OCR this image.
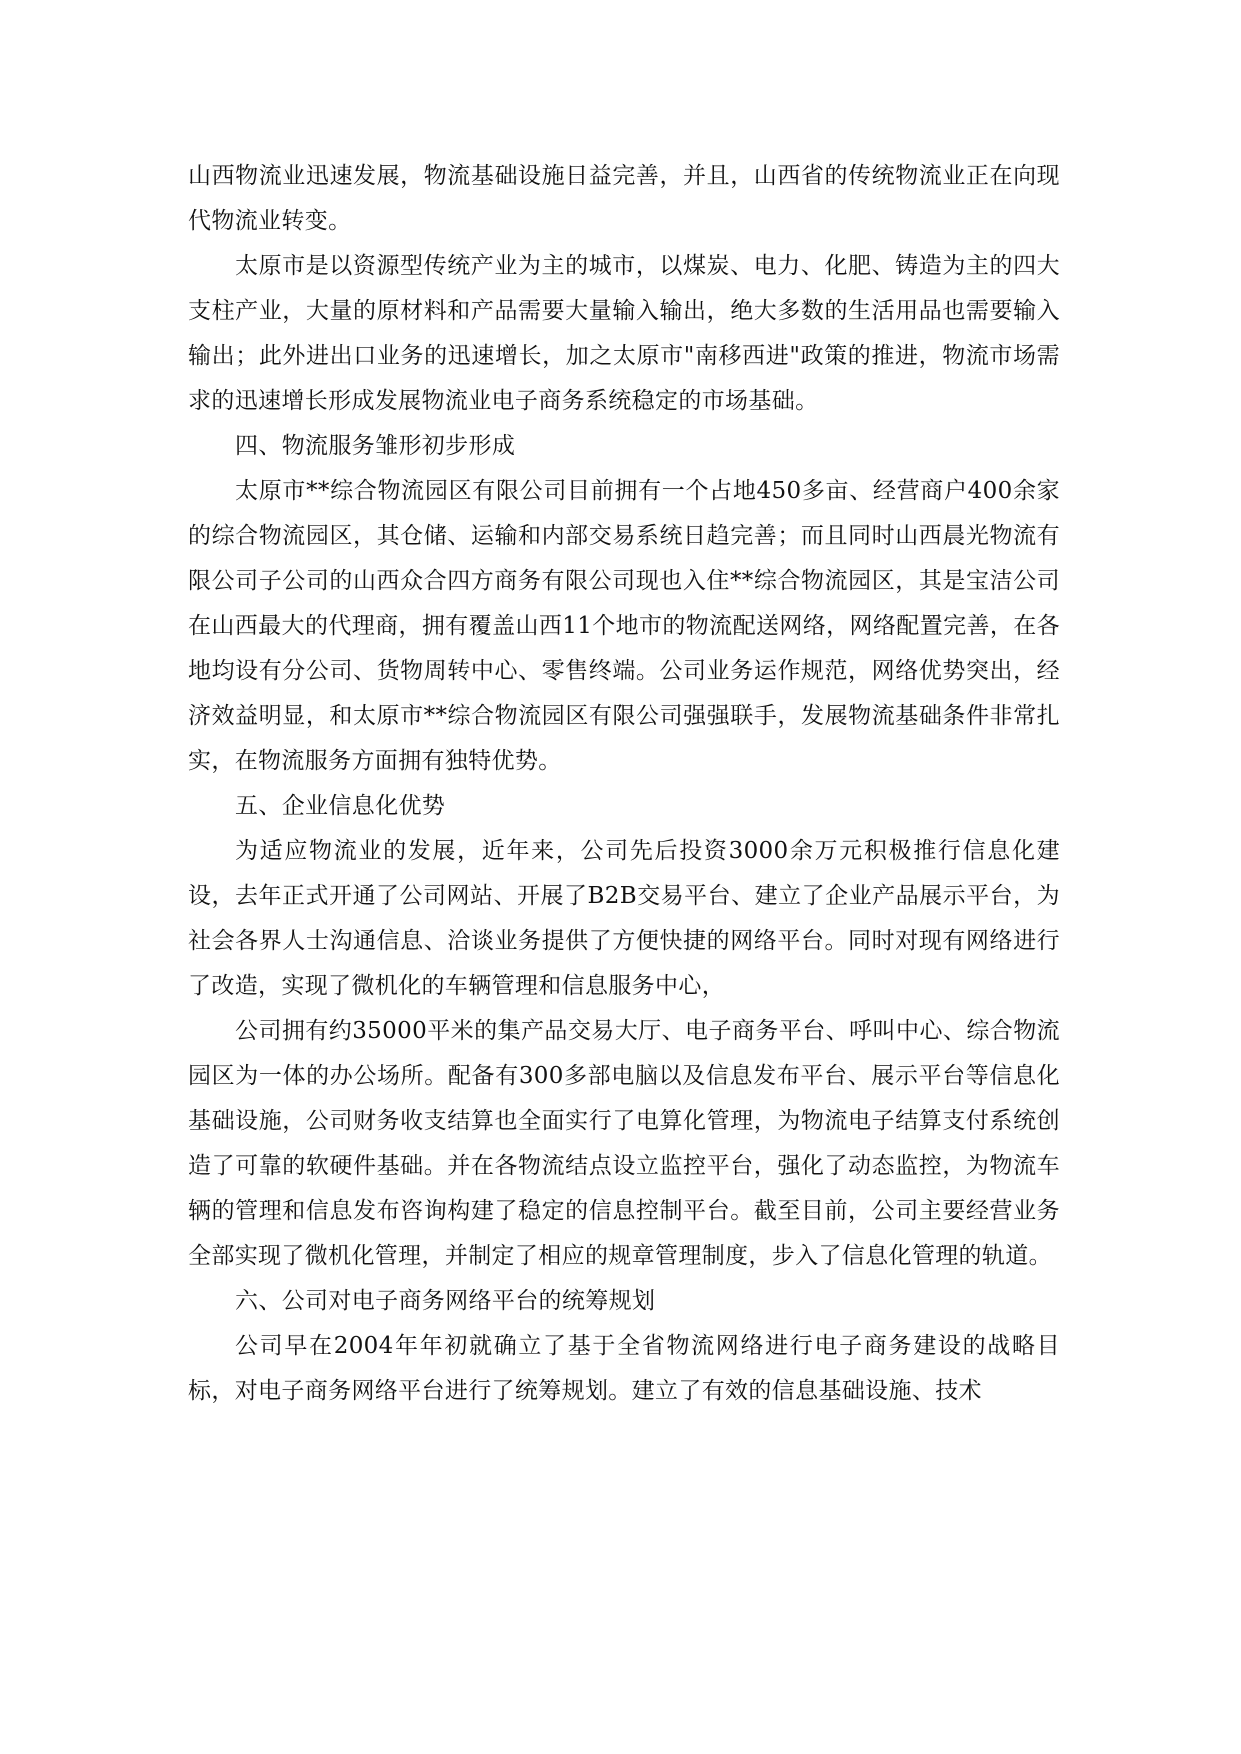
山西物流业迅速发展，物流基础设施日益完善，并且，山西省的传统物流业正在向现代物流业转变。

太原市是以资源型传统产业为主的城市，以煤炭、电力、化肥、铸造为主的四大支柱产业，大量的原材料和产品需要大量输入输出，绝大多数的生活用品也需要输入输出；此外进出口业务的迅速增长，加之太原市"南移西进"政策的推进，物流市场需求的迅速增长形成发展物流业电子商务系统稳定的市场基础。

四、物流服务雏形初步形成

太原市**综合物流园区有限公司目前拥有一个占地450多亩、经营商户400余家的综合物流园区，其仓储、运输和内部交易系统日趋完善；而且同时山西晨光物流有限公司子公司的山西众合四方商务有限公司现也入住**综合物流园区，其是宝洁公司在山西最大的代理商，拥有覆盖山西11个地市的物流配送网络，网络配置完善，在各地均设有分公司、货物周转中心、零售终端。公司业务运作规范，网络优势突出，经济效益明显，和太原市**综合物流园区有限公司强强联手，发展物流基础条件非常扎实，在物流服务方面拥有独特优势。

五、企业信息化优势

为适应物流业的发展，近年来，公司先后投资3000余万元积极推行信息化建设，去年正式开通了公司网站、开展了B2B交易平台、建立了企业产品展示平台，为社会各界人士沟通信息、洽谈业务提供了方便快捷的网络平台。同时对现有网络进行了改造，实现了微机化的车辆管理和信息服务中心，

公司拥有约35000平米的集产品交易大厅、电子商务平台、呼叫中心、综合物流园区为一体的办公场所。配备有300多部电脑以及信息发布平台、展示平台等信息化基础设施，公司财务收支结算也全面实行了电算化管理，为物流电子结算支付系统创造了可靠的软硬件基础。并在各物流结点设立监控平台，强化了动态监控，为物流车辆的管理和信息发布咨询构建了稳定的信息控制平台。截至目前，公司主要经营业务全部实现了微机化管理，并制定了相应的规章管理制度，步入了信息化管理的轨道。

六、公司对电子商务网络平台的统筹规划

公司早在2004年年初就确立了基于全省物流网络进行电子商务建设的战略目标，对电子商务网络平台进行了统筹规划。建立了有效的信息基础设施、技术
